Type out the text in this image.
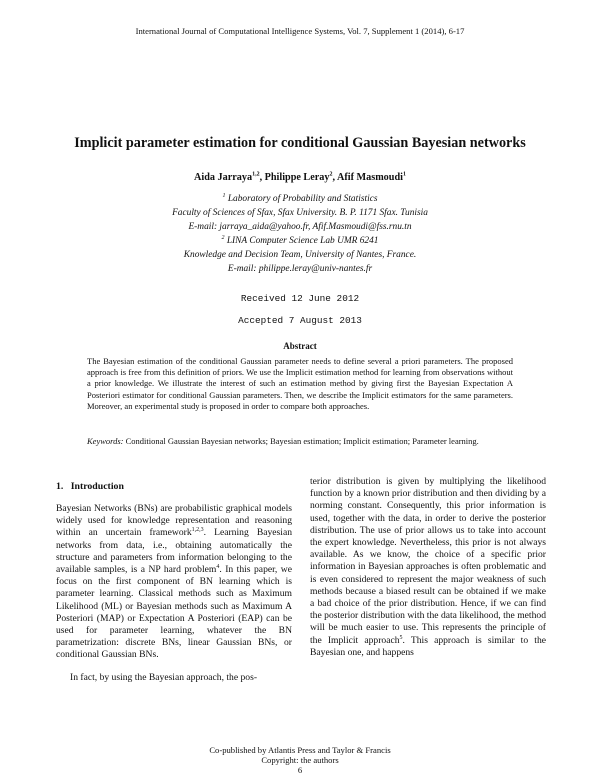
International Journal of Computational Intelligence Systems, Vol. 7, Supplement 1 (2014), 6-17
Implicit parameter estimation for conditional Gaussian Bayesian networks
Aida Jarraya$^{1,2}$, Philippe Leray$^2$, Afif Masmoudi$^1$
$^1$ Laboratory of Probability and Statistics
Faculty of Sciences of Sfax, Sfax University. B. P. 1171 Sfax. Tunisia
E-mail: jarraya_aida@yahoo.fr, Afif.Masmoudi@fss.rnu.tn
$^2$ LINA Computer Science Lab UMR 6241
Knowledge and Decision Team, University of Nantes, France.
E-mail: philippe.leray@univ-nantes.fr
Received 12 June 2012
Accepted 7 August 2013
Abstract

The Bayesian estimation of the conditional Gaussian parameter needs to define several a priori parameters. The proposed approach is free from this definition of priors. We use the Implicit estimation method for learning from observations without a prior knowledge. We illustrate the interest of such an estimation method by giving first the Bayesian Expectation A Posteriori estimator for conditional Gaussian parameters. Then, we describe the Implicit estimators for the same parameters. Moreover, an experimental study is proposed in order to compare both approaches.

Keywords: Conditional Gaussian Bayesian networks; Bayesian estimation; Implicit estimation; Parameter learning.

1. Introduction

Bayesian Networks (BNs) are probabilistic graphical models widely used for knowledge representation and reasoning within an uncertain framework$^{1,2,3}$. Learning Bayesian networks from data, i.e., obtaining automatically the structure and parameters from information belonging to the available samples, is a NP hard problem$^4$. In this paper, we focus on the first component of BN learning which is parameter learning. Classical methods such as Maximum Likelihood (ML) or Bayesian methods such as Maximum A Posteriori (MAP) or Expectation A Posteriori (EAP) can be used for parameter learning, whatever the BN parametrization: discrete BNs, linear Gaussian BNs, or conditional Gaussian BNs.

In fact, by using the Bayesian approach, the pos-

terior distribution is given by multiplying the likelihood function by a known prior distribution and then dividing by a norming constant. Consequently, this prior information is used, together with the data, in order to derive the posterior distribution. The use of prior allows us to take into account the expert knowledge. Nevertheless, this prior is not always available. As we know, the choice of a specific prior information in Bayesian approaches is often problematic and is even considered to represent the major weakness of such methods because a biased result can be obtained if we make a bad choice of the prior distribution. Hence, if we can find the posterior distribution with the data likelihood, the method will be much easier to use. This represents the principle of the Implicit approach$^5$. This approach is similar to the Bayesian one, and happens

Co-published by Atlantis Press and Taylor & Francis
Copyright: the authors
6
